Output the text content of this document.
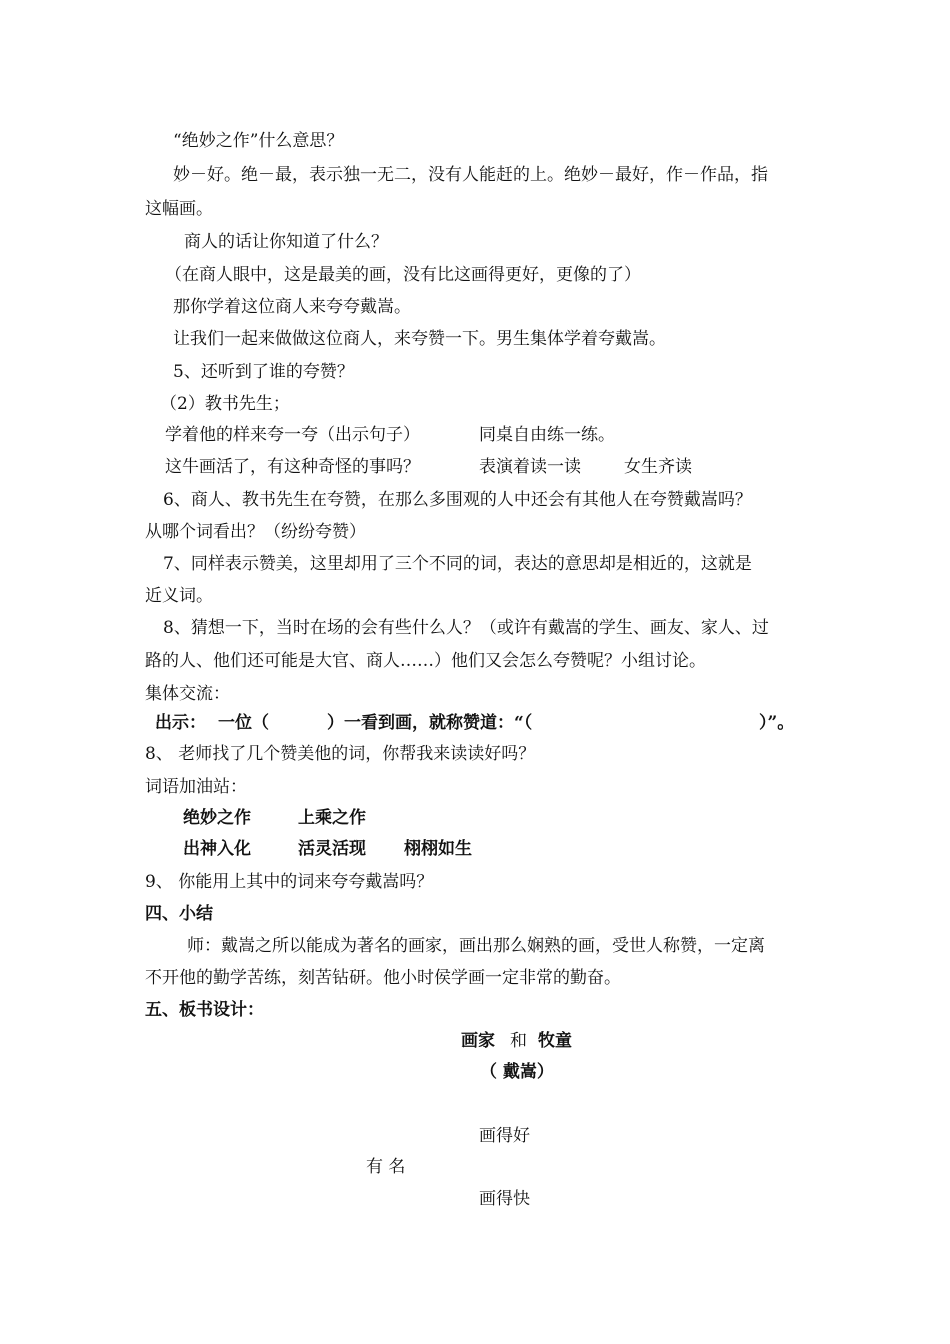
“绝妙之作”什么意思？
妙－好。绝－最，表示独一无二，没有人能赶的上。绝妙－最好，作－作品，指
这幅画。
商人的话让你知道了什么？
（在商人眼中，这是最美的画，没有比这画得更好，更像的了）
那你学着这位商人来夸夸戴嵩。
让我们一起来做做这位商人，来夸赞一下。男生集体学着夸戴嵩。
5、还听到了谁的夸赞？
（2）教书先生；
学着他的样来夸一夸（出示句子）	同桌自由练一练。
这牛画活了，有这种奇怪的事吗？	表演着读一读	女生齐读
6、商人、教书先生在夸赞，在那么多围观的人中还会有其他人在夸赞戴嵩吗？
从哪个词看出？（纷纷夸赞）
7、同样表示赞美，这里却用了三个不同的词，表达的意思却是相近的，这就是
近义词。
8、猜想一下，当时在场的会有些什么人？（或许有戴嵩的学生、画友、家人、过
路的人、他们还可能是大官、商人……）他们又会怎么夸赞呢？小组讨论。
集体交流：
出示： 一位（	）一看到画，就称赞道：“（	）”。
8、 老师找了几个赞美他的词，你帮我来读读好吗？
词语加油站：
绝妙之作	上乘之作
出神入化	活灵活现 栩栩如生
9、 你能用上其中的词来夸夸戴嵩吗？
四、小结
师：戴嵩之所以能成为著名的画家，画出那么娴熟的画，受世人称赞，一定离
不开他的勤学苦练，刻苦钻研。他小时侯学画一定非常的勤奋。
五、板书设计：
画家 和 牧童
（ 戴嵩）
画得好
有 名
画得快
